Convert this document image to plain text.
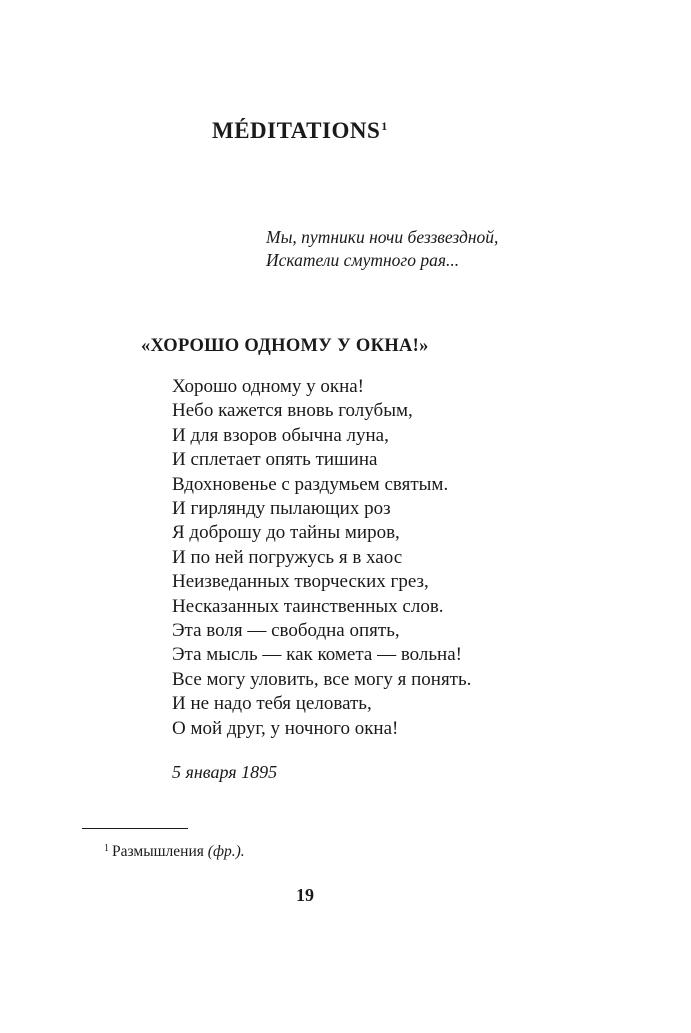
MÉDITATIONS$^1$
Мы, путники ночи беззвездной,
Искатели смутного рая...
«ХОРОШО ОДНОМУ У ОКНА!»
Хорошо одному у окна!
Небо кажется вновь голубым,
И для взоров обычна луна,
И сплетает опять тишина
Вдохновенье с раздумьем святым.
И гирлянду пылающих роз
Я доброшу до тайны миров,
И по ней погружусь я в хаос
Неизведанных творческих грез,
Несказанных таинственных слов.
Эта воля — свободна опять,
Эта мысль — как комета — вольна!
Все могу уловить, все могу я понять.
И не надо тебя целовать,
О мой друг, у ночного окна!
5 января 1895
$^1$ Размышления (фр.).
19
